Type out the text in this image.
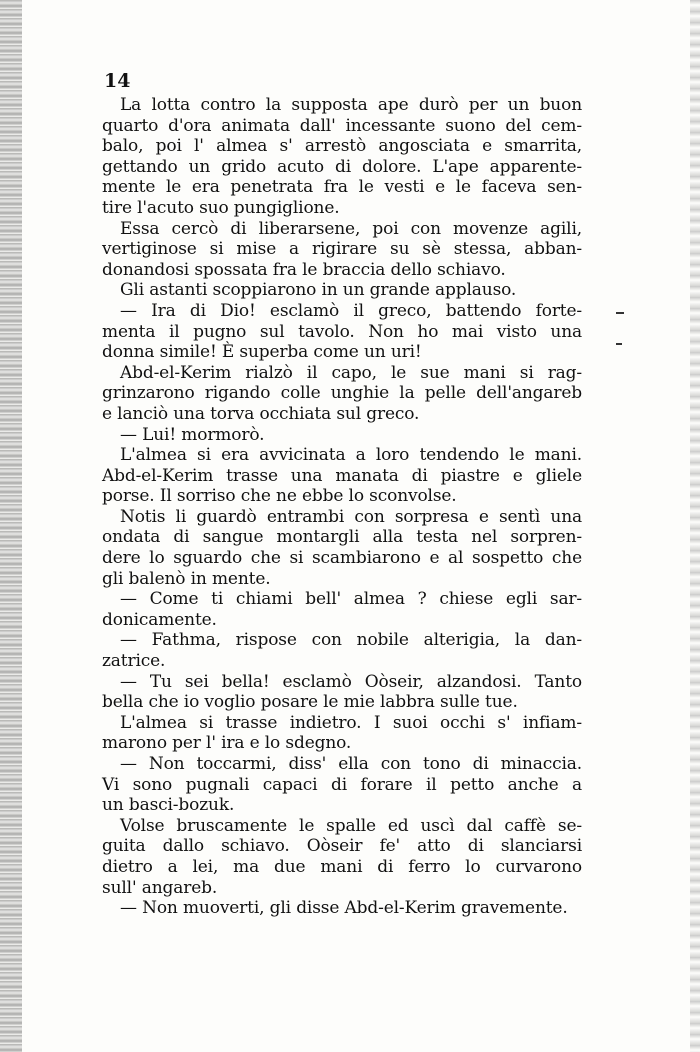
14
La lotta contro la supposta ape durò per un buon
quarto d'ora animata dall' incessante suono del cem-
balo, poi l' almea s' arrestò angosciata e smarrita,
gettando un grido acuto di dolore. L'ape apparente-
mente le era penetrata fra le vesti e le faceva sen-
tire l'acuto suo pungiglione.
Essa cercò di liberarsene, poi con movenze agili,
vertiginose si mise a rigirare su sè stessa, abban-
donandosi spossata fra le braccia dello schiavo.
Gli astanti scoppiarono in un grande applauso.
— Ira di Dio! esclamò il greco, battendo forte-
menta il pugno sul tavolo. Non ho mai visto una
donna simile! È superba come un uri!
Abd-el-Kerim rialzò il capo, le sue mani si rag-
grinzarono rigando colle unghie la pelle dell'angareb
e lanciò una torva occhiata sul greco.
— Lui! mormorò.
L'almea si era avvicinata a loro tendendo le mani.
Abd-el-Kerim trasse una manata di piastre e gliele
porse. Il sorriso che ne ebbe lo sconvolse.
Notis li guardò entrambi con sorpresa e sentì una
ondata di sangue montargli alla testa nel sorpren-
dere lo sguardo che si scambiarono e al sospetto che
gli balenò in mente.
— Come ti chiami bell' almea ? chiese egli sar-
donicamente.
— Fathma, rispose con nobile alterigia, la dan-
zatrice.
— Tu sei bella! esclamò Oòseir, alzandosi. Tanto
bella che io voglio posare le mie labbra sulle tue.
L'almea si trasse indietro. I suoi occhi s' infiam-
marono per l' ira e lo sdegno.
— Non toccarmi, diss' ella con tono di minaccia.
Vi sono pugnali capaci di forare il petto anche a
un basci-bozuk.
Volse bruscamente le spalle ed uscì dal caffè se-
guita dallo schiavo. Oòseir fe' atto di slanciarsi
dietro a lei, ma due mani di ferro lo curvarono
sull' angareb.
— Non muoverti, gli disse Abd-el-Kerim gravemente.
